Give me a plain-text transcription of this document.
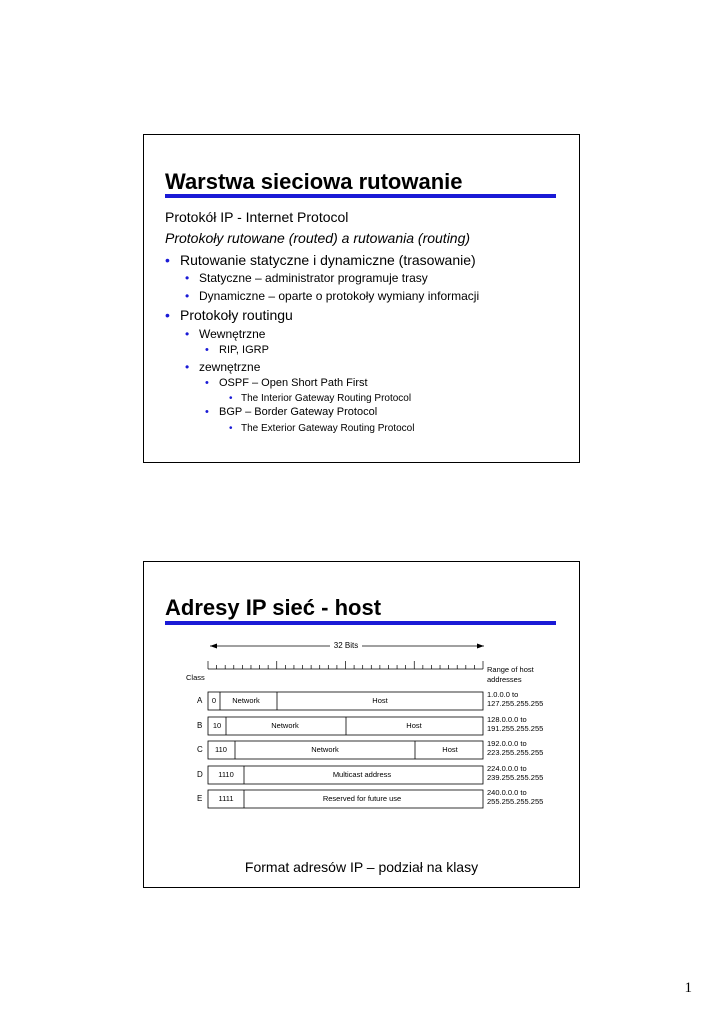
Warstwa sieciowa rutowanie
Protokół IP - Internet Protocol
Protokoły rutowane (routed) a rutowania (routing)
• Rutowanie statyczne i dynamiczne (trasowanie)
• Statyczne – administrator programuje trasy
• Dynamiczne – oparte o protokoły wymiany informacji
• Protokoły routingu
• Wewnętrzne
• RIP, IGRP
• zewnętrzne
• OSPF – Open Short Path First
• The Interior Gateway Routing Protocol
• BGP – Border Gateway Protocol
• The Exterior Gateway Routing Protocol
Adresy IP sieć - host
32 Bits
Class
Range of host
addresses
A 0 Network	Host
1.0.0.0 to
127.255.255.255
B 10	Network	Host
128.0.0.0 to
191.255.255.255
C 110	Network	Host
192.0.0.0 to
223.255.255.255
D 1110	Multicast address
224.0.0.0 to
239.255.255.255
E 1111	Reserved for future use
240.0.0.0 to
255.255.255.255
Format adresów IP – podział na klasy
1
